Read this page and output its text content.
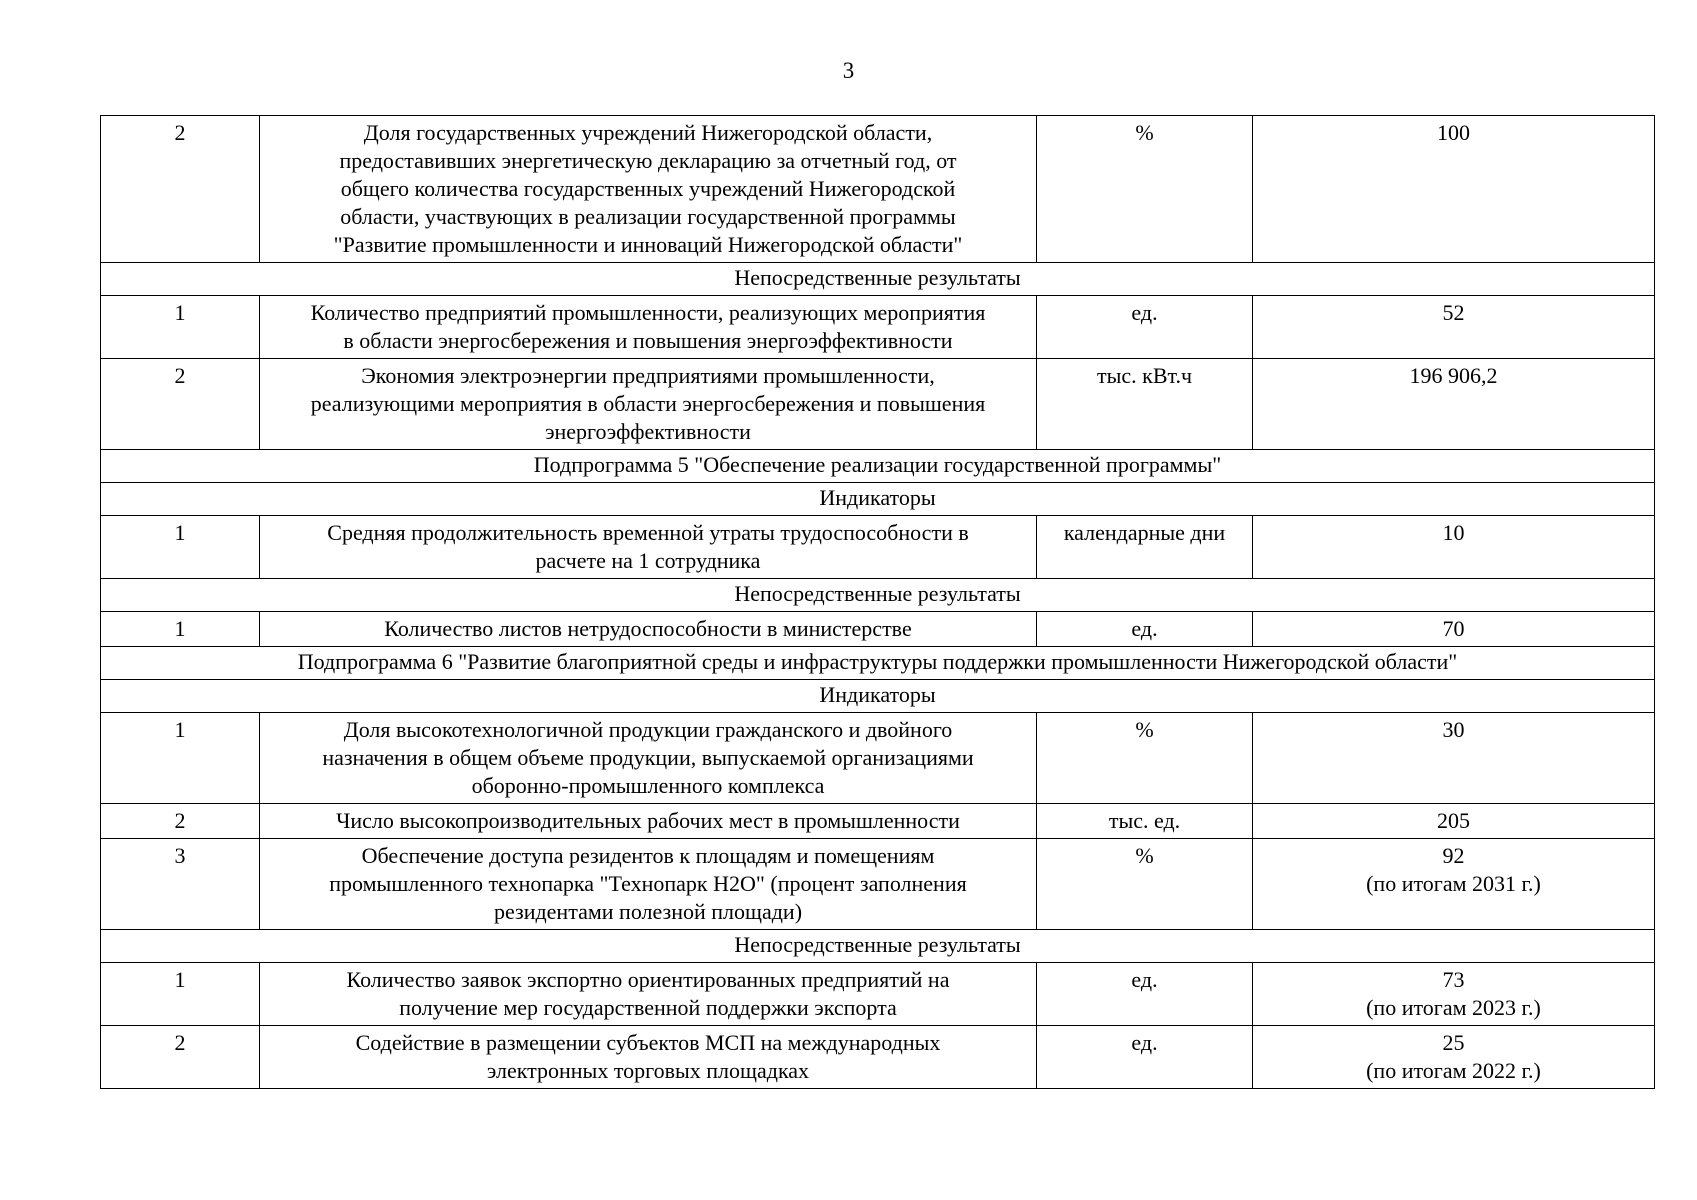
3
2	Доля государственных учреждений Нижегородской области,
предоставивших энергетическую декларацию за отчетный год, от
общего количества государственных учреждений Нижегородской
области, участвующих в реализации государственной программы
"Развитие промышленности и инноваций Нижегородской области"	%	100
Непосредственные результаты			
1	Количество предприятий промышленности, реализующих мероприятия
в области энергосбережения и повышения энергоэффективности	ед.	52
2	Экономия электроэнергии предприятиями промышленности,
реализующими мероприятия в области энергосбережения и повышения
энергоэффективности	тыс. кВт.ч	196 906,2
Подпрограмма 5 "Обеспечение реализации государственной программы"			
Индикаторы			
1	Средняя продолжительность временной утраты трудоспособности в
расчете на 1 сотрудника	календарные дни	10
Непосредственные результаты			
1	Количество листов нетрудоспособности в министерстве	ед.	70
Подпрограмма 6 "Развитие благоприятной среды и инфраструктуры поддержки промышленности Нижегородской области"			
Индикаторы			
1	Доля высокотехнологичной продукции гражданского и двойного
назначения в общем объеме продукции, выпускаемой организациями
оборонно-промышленного комплекса	%	30
2	Число высокопроизводительных рабочих мест в промышленности	тыс. ед.	205
3	Обеспечение доступа резидентов к площадям и помещениям
промышленного технопарка "Технопарк Н2О" (процент заполнения
резидентами полезной площади)	%	92
(по итогам 2031 г.)
Непосредственные результаты			
1	Количество заявок экспортно ориентированных предприятий на
получение мер государственной поддержки экспорта	ед.	73
(по итогам 2023 г.)
2	Содействие в размещении субъектов МСП на международных
электронных торговых площадках	ед.	25
(по итогам 2022 г.)
